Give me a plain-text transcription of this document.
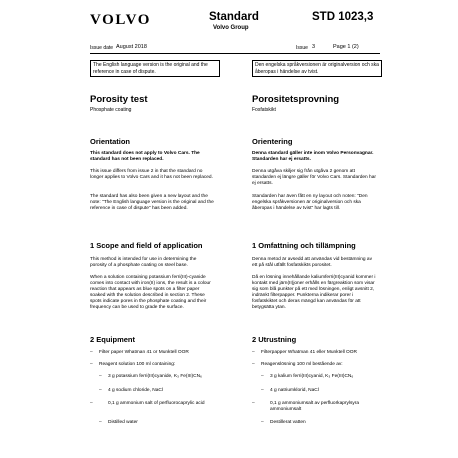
VOLVO	Standard
Volvo Group
STD 1023,3
Issue date August 2018	Issue 3	Page 1 (2)
The English language version is the original and the reference in case of dispute.
Den engelska språkversionen är originalversion och ska åberopas i händelse av tvist.
Porosity test
Phosphate coating
Orientation
This standard does not apply to Volvo Cars. The standard has not been replaced.
This issue differs from issue 2 in that the standard no longer applies to Volvo Cars and it has not been replaced.
The standard has also been given a new layout and the note: "The English language version is the original and the reference in case of dispute" has been added.
1 Scope and field of application
This method is intended for use in determining the porosity of a phosphate coating on steel base.
When a solution containing potassium ferri(III)-cyanide comes into contact with iron(II) ions, the result is a colour reaction that appears as blue spots on a filter paper soaked with the solution described in section 2. These spots indicate pores in the phosphate coating and their frequency can be used to grade the surface.
2 Equipment
– Filter paper Whatman 41 or Munktell OOR
– Reagent solution 100 ml containing:
– 3 g potassium ferri(III)cyanide, K₃ Fe(III)CN₆
– 4 g sodium chloride, NaCl
–	0,1 g ammonium salt of perfluorocaprylic acid
– Distilled water
Porositetsprovning
Fosfatskikt
Orientering
Denna standard gäller inte inom Volvo Personvagnar. Standarden har ej ersatts.
Denna utgåva skiljer sig från utgåva 2 genom att standarden ej längre gäller för Volvo Cars. Standarden har ej ersatts.
Standarden har även fått en ny layout och noten: "Den engelska språkversionen är originalversion och ska åberopas i händelse av tvist" har lagts till.
1 Omfattning och tillämpning
Denna metod är avsedd att användas vid bestämning av ett på stål utfällt fosfatskikts porositet.
Då en lösning innehållande kaliumferri(III)cyanid kommer i kontakt med järn(II)joner erhålls en färgreaktion som visar sig som blå punkter på ett med lösningen, enligt avsnitt 2, indränkt filterpapper. Punkterna indikerar porer i fosfatskiktet och deras mängd kan användas för att betygsätta ytan.
2 Utrustning
– Filterpapper Whatman 41 eller Munktell OOR
– Reagenslösning 100 ml bestående av:
– 3 g kalium ferri(III)cyanid, K₃ Fe(III)CN₆
– 4 g natriumklorid, NaCl
–	0,1 g ammoniumsalt av perfluorkaprylsyra ammoniumsalt
– Destillerat vatten
